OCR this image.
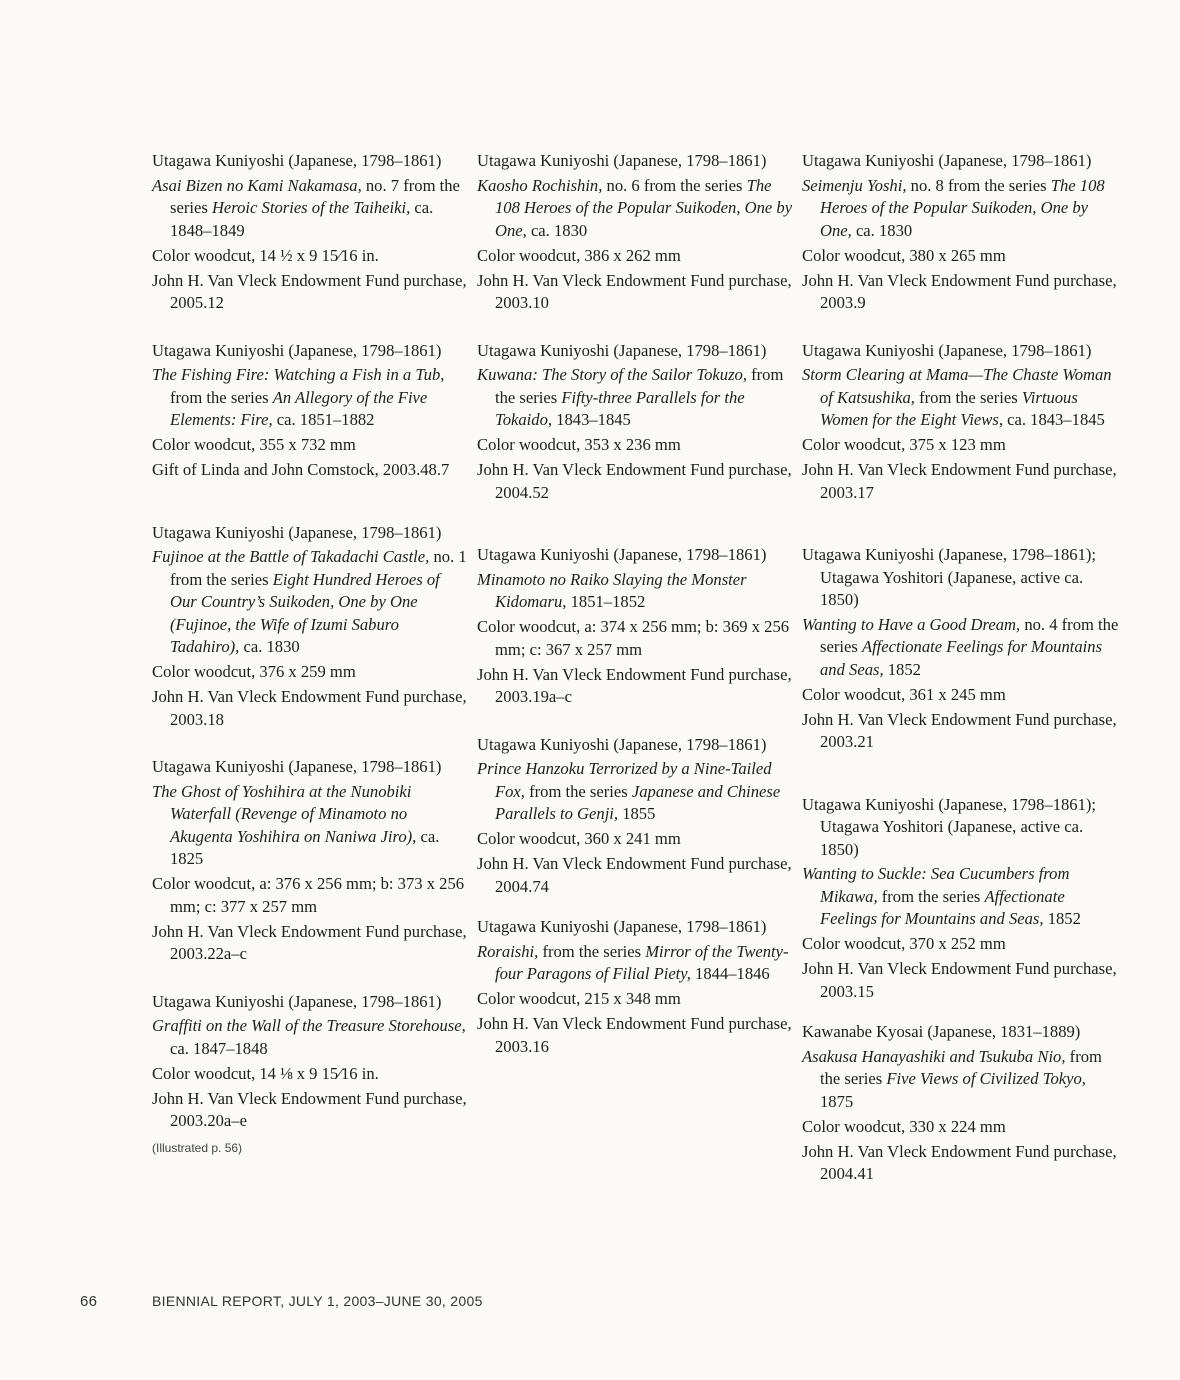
Utagawa Kuniyoshi (Japanese, 1798–1861)

Asai Bizen no Kami Nakamasa, no. 7 from the series Heroic Stories of the Taiheiki, ca. 1848–1849

Color woodcut, 14 ½ x 9 15⁄16 in.

John H. Van Vleck Endowment Fund purchase, 2005.12

Utagawa Kuniyoshi (Japanese, 1798–1861)

The Fishing Fire: Watching a Fish in a Tub, from the series An Allegory of the Five Elements: Fire, ca. 1851–1882

Color woodcut, 355 x 732 mm

Gift of Linda and John Comstock, 2003.48.7

Utagawa Kuniyoshi (Japanese, 1798–1861)

Fujinoe at the Battle of Takadachi Castle, no. 1 from the series Eight Hundred Heroes of Our Country’s Suikoden, One by One (Fujinoe, the Wife of Izumi Saburo Tadahiro), ca. 1830

Color woodcut, 376 x 259 mm

John H. Van Vleck Endowment Fund purchase, 2003.18

Utagawa Kuniyoshi (Japanese, 1798–1861)

The Ghost of Yoshihira at the Nunobiki Waterfall (Revenge of Minamoto no Akugenta Yoshihira on Naniwa Jiro), ca. 1825

Color woodcut, a: 376 x 256 mm; b: 373 x 256 mm; c: 377 x 257 mm

John H. Van Vleck Endowment Fund purchase, 2003.22a–c

Utagawa Kuniyoshi (Japanese, 1798–1861)

Graffiti on the Wall of the Treasure Storehouse, ca. 1847–1848

Color woodcut, 14 ⅛ x 9 15⁄16 in.

John H. Van Vleck Endowment Fund purchase, 2003.20a–e

(Illustrated p. 56)

Utagawa Kuniyoshi (Japanese, 1798–1861)

Kaosho Rochishin, no. 6 from the series The 108 Heroes of the Popular Suikoden, One by One, ca. 1830

Color woodcut, 386 x 262 mm

John H. Van Vleck Endowment Fund purchase, 2003.10

Utagawa Kuniyoshi (Japanese, 1798–1861)

Kuwana: The Story of the Sailor Tokuzo, from the series Fifty-three Parallels for the Tokaido, 1843–1845

Color woodcut, 353 x 236 mm

John H. Van Vleck Endowment Fund purchase, 2004.52

Utagawa Kuniyoshi (Japanese, 1798–1861)

Minamoto no Raiko Slaying the Monster Kidomaru, 1851–1852

Color woodcut, a: 374 x 256 mm; b: 369 x 256 mm; c: 367 x 257 mm

John H. Van Vleck Endowment Fund purchase, 2003.19a–c

Utagawa Kuniyoshi (Japanese, 1798–1861)

Prince Hanzoku Terrorized by a Nine-Tailed Fox, from the series Japanese and Chinese Parallels to Genji, 1855

Color woodcut, 360 x 241 mm

John H. Van Vleck Endowment Fund purchase, 2004.74

Utagawa Kuniyoshi (Japanese, 1798–1861)

Roraishi, from the series Mirror of the Twenty-four Paragons of Filial Piety, 1844–1846

Color woodcut, 215 x 348 mm

John H. Van Vleck Endowment Fund purchase, 2003.16

Utagawa Kuniyoshi (Japanese, 1798–1861)

Seimenju Yoshi, no. 8 from the series The 108 Heroes of the Popular Suikoden, One by One, ca. 1830

Color woodcut, 380 x 265 mm

John H. Van Vleck Endowment Fund purchase, 2003.9

Utagawa Kuniyoshi (Japanese, 1798–1861)

Storm Clearing at Mama—The Chaste Woman of Katsushika, from the series Virtuous Women for the Eight Views, ca. 1843–1845

Color woodcut, 375 x 123 mm

John H. Van Vleck Endowment Fund purchase, 2003.17

Utagawa Kuniyoshi (Japanese, 1798–1861); Utagawa Yoshitori (Japanese, active ca. 1850)

Wanting to Have a Good Dream, no. 4 from the series Affectionate Feelings for Mountains and Seas, 1852

Color woodcut, 361 x 245 mm

John H. Van Vleck Endowment Fund purchase, 2003.21

Utagawa Kuniyoshi (Japanese, 1798–1861); Utagawa Yoshitori (Japanese, active ca. 1850)

Wanting to Suckle: Sea Cucumbers from Mikawa, from the series Affectionate Feelings for Mountains and Seas, 1852

Color woodcut, 370 x 252 mm

John H. Van Vleck Endowment Fund purchase, 2003.15

Kawanabe Kyosai (Japanese, 1831–1889)

Asakusa Hanayashiki and Tsukuba Nio, from the series Five Views of Civilized Tokyo, 1875

Color woodcut, 330 x 224 mm

John H. Van Vleck Endowment Fund purchase, 2004.41

66	BIENNIAL REPORT, JULY 1, 2003–JUNE 30, 2005
